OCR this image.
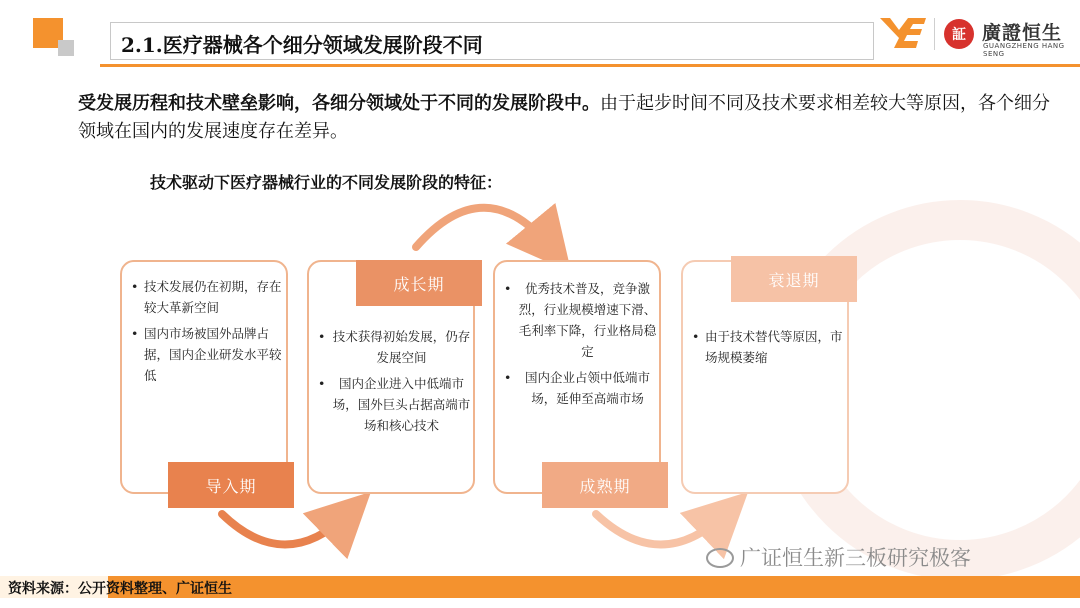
2.1.医疗器械各个细分领域发展阶段不同	証 廣證恒生
GUANGZHENG HANG SENG

受发展历程和技术壁垒影响，各细分领域处于不同的发展阶段中。由于起步时间不同及技术要求相差较大等原因，各个细分领域在国内的发展速度存在差异。

技术驱动下医疗器械行业的不同发展阶段的特征：
• 技术发展仍在初期，存在较大革新空间
• 国内市场被国外品牌占据，国内企业研发水平较低
• 技术获得初始发展，仍存发展空间
• 国内企业进入中低端市场，国外巨头占据高端市场和核心技术
• 优秀技术普及，竞争激烈，行业规模增速下滑、毛利率下降，行业格局稳定
• 国内企业占领中低端市场，延伸至高端市场
• 由于技术替代等原因，市场规模萎缩
导入期
成长期
成熟期
衰退期
广证恒生新三板研究极客
资料来源：公开资料整理、广证恒生
